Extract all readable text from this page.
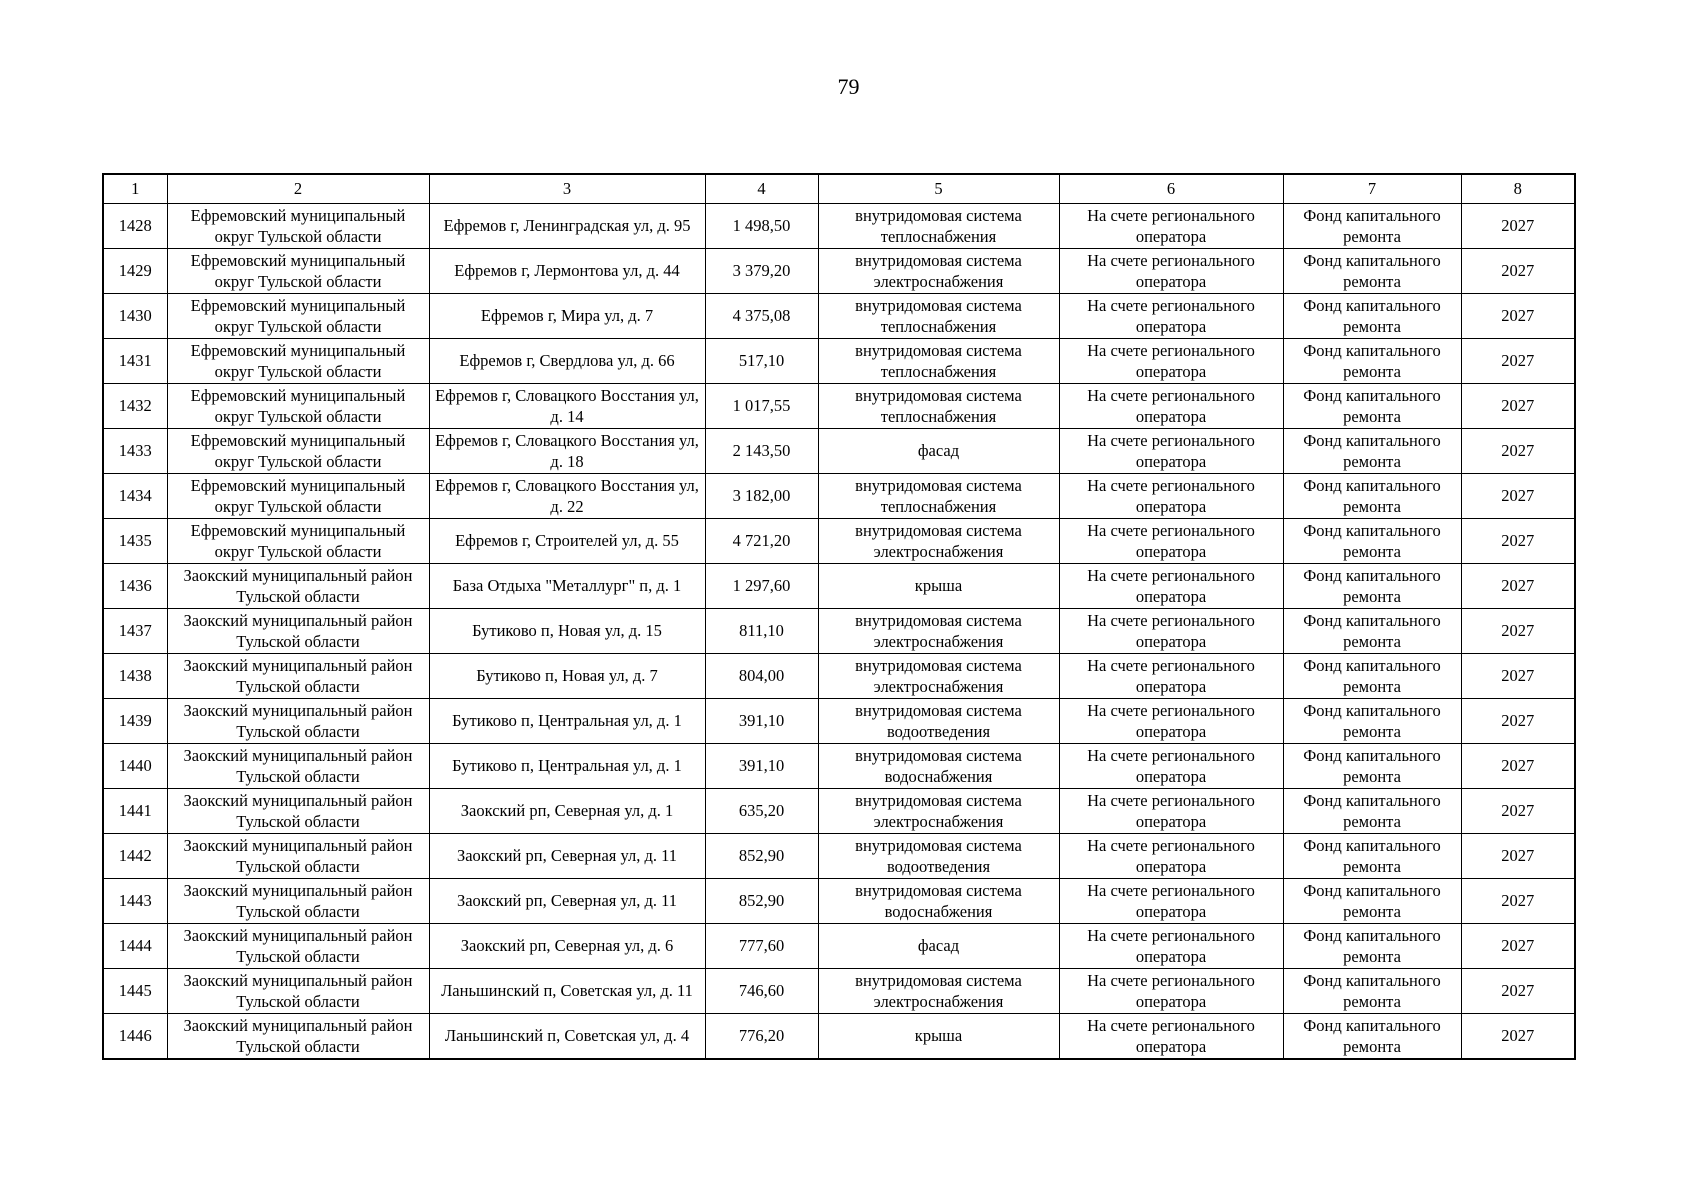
79
1	2	3	4	5	6	7	8
1428	Ефремовский муниципальный округ Тульской области	Ефремов г, Ленинградская ул, д. 95	1 498,50	внутридомовая система теплоснабжения	На счете регионального оператора	Фонд капитального ремонта	2027
1429	Ефремовский муниципальный округ Тульской области	Ефремов г, Лермонтова ул, д. 44	3 379,20	внутридомовая система электроснабжения	На счете регионального оператора	Фонд капитального ремонта	2027
1430	Ефремовский муниципальный округ Тульской области	Ефремов г, Мира ул, д. 7	4 375,08	внутридомовая система теплоснабжения	На счете регионального оператора	Фонд капитального ремонта	2027
1431	Ефремовский муниципальный округ Тульской области	Ефремов г, Свердлова ул, д. 66	517,10	внутридомовая система теплоснабжения	На счете регионального оператора	Фонд капитального ремонта	2027
1432	Ефремовский муниципальный округ Тульской области	Ефремов г, Словацкого Восстания ул, д. 14	1 017,55	внутридомовая система теплоснабжения	На счете регионального оператора	Фонд капитального ремонта	2027
1433	Ефремовский муниципальный округ Тульской области	Ефремов г, Словацкого Восстания ул, д. 18	2 143,50	фасад	На счете регионального оператора	Фонд капитального ремонта	2027
1434	Ефремовский муниципальный округ Тульской области	Ефремов г, Словацкого Восстания ул, д. 22	3 182,00	внутридомовая система теплоснабжения	На счете регионального оператора	Фонд капитального ремонта	2027
1435	Ефремовский муниципальный округ Тульской области	Ефремов г, Строителей ул, д. 55	4 721,20	внутридомовая система электроснабжения	На счете регионального оператора	Фонд капитального ремонта	2027
1436	Заокский муниципальный район Тульской области	База Отдыха "Металлург" п, д. 1	1 297,60	крыша	На счете регионального оператора	Фонд капитального ремонта	2027
1437	Заокский муниципальный район Тульской области	Бутиково п, Новая ул, д. 15	811,10	внутридомовая система электроснабжения	На счете регионального оператора	Фонд капитального ремонта	2027
1438	Заокский муниципальный район Тульской области	Бутиково п, Новая ул, д. 7	804,00	внутридомовая система электроснабжения	На счете регионального оператора	Фонд капитального ремонта	2027
1439	Заокский муниципальный район Тульской области	Бутиково п, Центральная ул, д. 1	391,10	внутридомовая система водоотведения	На счете регионального оператора	Фонд капитального ремонта	2027
1440	Заокский муниципальный район Тульской области	Бутиково п, Центральная ул, д. 1	391,10	внутридомовая система водоснабжения	На счете регионального оператора	Фонд капитального ремонта	2027
1441	Заокский муниципальный район Тульской области	Заокский рп, Северная ул, д. 1	635,20	внутридомовая система электроснабжения	На счете регионального оператора	Фонд капитального ремонта	2027
1442	Заокский муниципальный район Тульской области	Заокский рп, Северная ул, д. 11	852,90	внутридомовая система водоотведения	На счете регионального оператора	Фонд капитального ремонта	2027
1443	Заокский муниципальный район Тульской области	Заокский рп, Северная ул, д. 11	852,90	внутридомовая система водоснабжения	На счете регионального оператора	Фонд капитального ремонта	2027
1444	Заокский муниципальный район Тульской области	Заокский рп, Северная ул, д. 6	777,60	фасад	На счете регионального оператора	Фонд капитального ремонта	2027
1445	Заокский муниципальный район Тульской области	Ланьшинский п, Советская ул, д. 11	746,60	внутридомовая система электроснабжения	На счете регионального оператора	Фонд капитального ремонта	2027
1446	Заокский муниципальный район Тульской области	Ланьшинский п, Советская ул, д. 4	776,20	крыша	На счете регионального оператора	Фонд капитального ремонта	2027
